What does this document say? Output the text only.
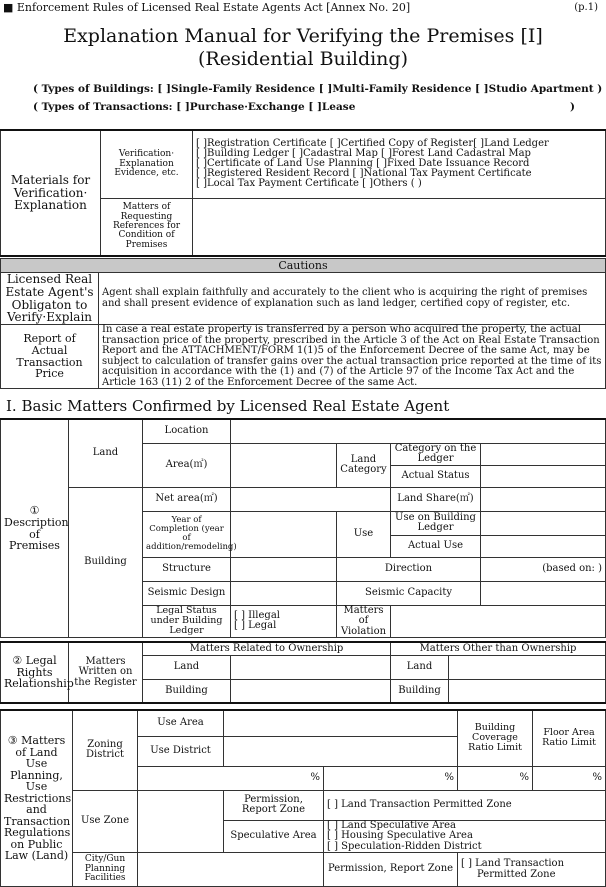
■ Enforcement Rules of Licensed Real Estate Agents Act [Annex No. 20]	(p.1)
Explanation Manual for Verifying the Premises [I]
(Residential Building)
( Types of Buildings: [ ]Single-Family Residence [ ]Multi-Family Residence [ ]Studio Apartment )
( Types of Transactions: [ ]Purchase·Exchange [ ]Lease	)
Materials for Verification· Explanation	Verification· Explanation Evidence, etc.	[ ]Registration Certificate [ ]Certified Copy of Register[ ]Land Ledger
[ ]Building Ledger [ ]Cadastral Map [ ]Forest Land Cadastral Map
[ ]Certificate of Land Use Planning [ ]Fixed Date Issuance Record
[ ]Registered Resident Record [ ]National Tax Payment Certificate
[ ]Local Tax Payment Certificate [ ]Others ( )

	Matters of Requesting References for Condition of Premises	
Cautions	
Licensed Real Estate Agent's Obligaton to Verify·Explain	Agent shall explain faithfully and accurately to the client who is acquiring the right of premises and shall present evidence of explanation such as land ledger, certified copy of register, etc.
Report of Actual Transaction Price	In case a real estate property is transferred by a person who acquired the property, the actual transaction price of the property, prescribed in the Article 3 of the Act on Real Estate Transaction Report and the ATTACHMENT/FORM 1(1)5 of the Enforcement Decree of the same Act, may be subject to calculation of transfer gains over the actual transaction price reported at the time of its acquisition in accordance with the (1) and (7) of the Article 97 of the Income Tax Act and the Article 163 (11) 2 of the Enforcement Decree of the same Act.
I. Basic Matters Confirmed by Licensed Real Estate Agent
① Description of Premises	Land	Location				
		Area(㎡)		Land Category	Category on the Ledger	
					Actual Status	
	Building	Net area(㎡)			Land Share(㎡)	
		Year of Completion (year of addition/remodeling)		Use	Use on Building Ledger	
					Actual Use	
		Structure		Direction		(based on: )
		Seismic Design		Seismic Capacity		
		Legal Status under Building Ledger	[ ] Illegal
[ ] Legal	Matters of Violation		
② Legal Rights Relationship	Matters Written on the Register	Matters Related to Ownership		Matters Other than Ownership	
		Land		Land	
		Building		Building	
③ Matters of Land Use Planning, Use Restrictions and Transaction Regulations on Public Law (Land)	Zoning District	Use Area			Building Coverage Ratio Limit	Floor Area Ratio Limit
		Use District				
		%		%	%	%
	Use Zone		Permission, Report Zone	[ ] Land Transaction Permitted Zone		
			Speculative Area	[ ] Land Speculative Area
[ ] Housing Speculative Area
[ ] Speculation-Ridden District		

	City/Gun Planning Facilities			Permission, Report Zone	[ ] Land Transaction
Permitted Zone	
